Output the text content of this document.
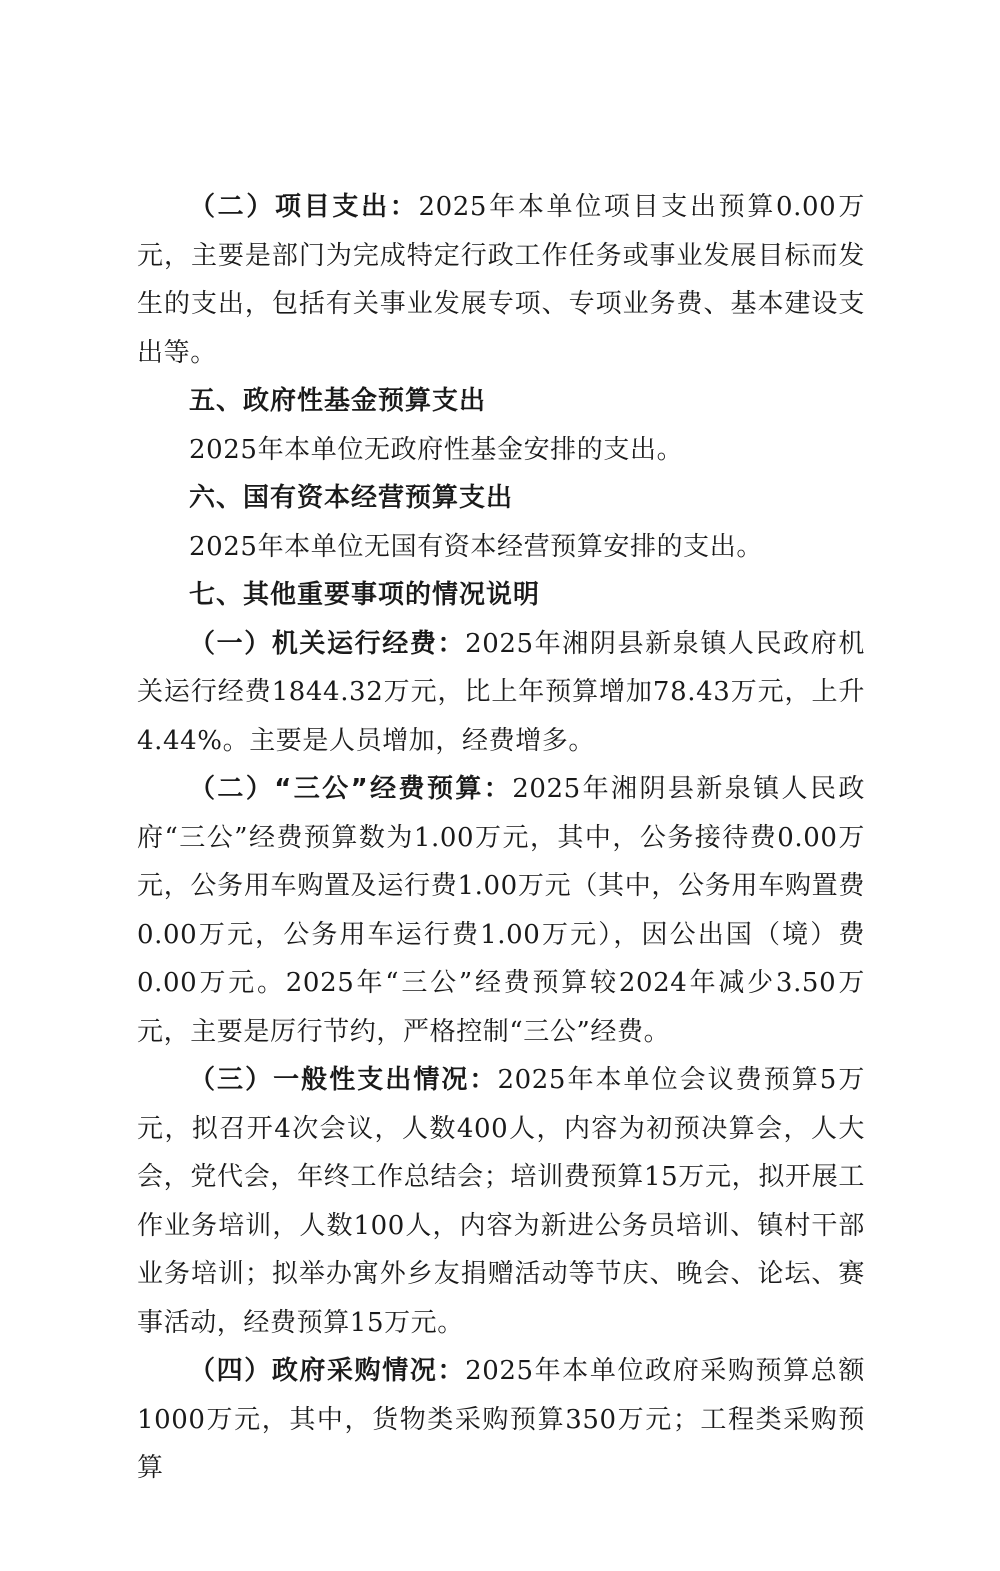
（二）项目支出：2025年本单位项目支出预算0.00万元，主要是部门为完成特定行政工作任务或事业发展目标而发生的支出，包括有关事业发展专项、专项业务费、基本建设支出等。

五、政府性基金预算支出

2025年本单位无政府性基金安排的支出。

六、国有资本经营预算支出

2025年本单位无国有资本经营预算安排的支出。

七、其他重要事项的情况说明

（一）机关运行经费：2025年湘阴县新泉镇人民政府机关运行经费1844.32万元，比上年预算增加78.43万元，上升4.44%。主要是人员增加，经费增多。

（二）“三公”经费预算：2025年湘阴县新泉镇人民政府“三公”经费预算数为1.00万元，其中，公务接待费0.00万元，公务用车购置及运行费1.00万元（其中，公务用车购置费0.00万元，公务用车运行费1.00万元），因公出国（境）费0.00万元。2025年“三公”经费预算较2024年减少3.50万元，主要是厉行节约，严格控制“三公”经费。

（三）一般性支出情况：2025年本单位会议费预算5万元，拟召开4次会议，人数400人，内容为初预决算会，人大会，党代会，年终工作总结会；培训费预算15万元，拟开展工作业务培训，人数100人，内容为新进公务员培训、镇村干部业务培训；拟举办寓外乡友捐赠活动等节庆、晚会、论坛、赛事活动，经费预算15万元。

（四）政府采购情况：2025年本单位政府采购预算总额1000万元，其中，货物类采购预算350万元；工程类采购预算
